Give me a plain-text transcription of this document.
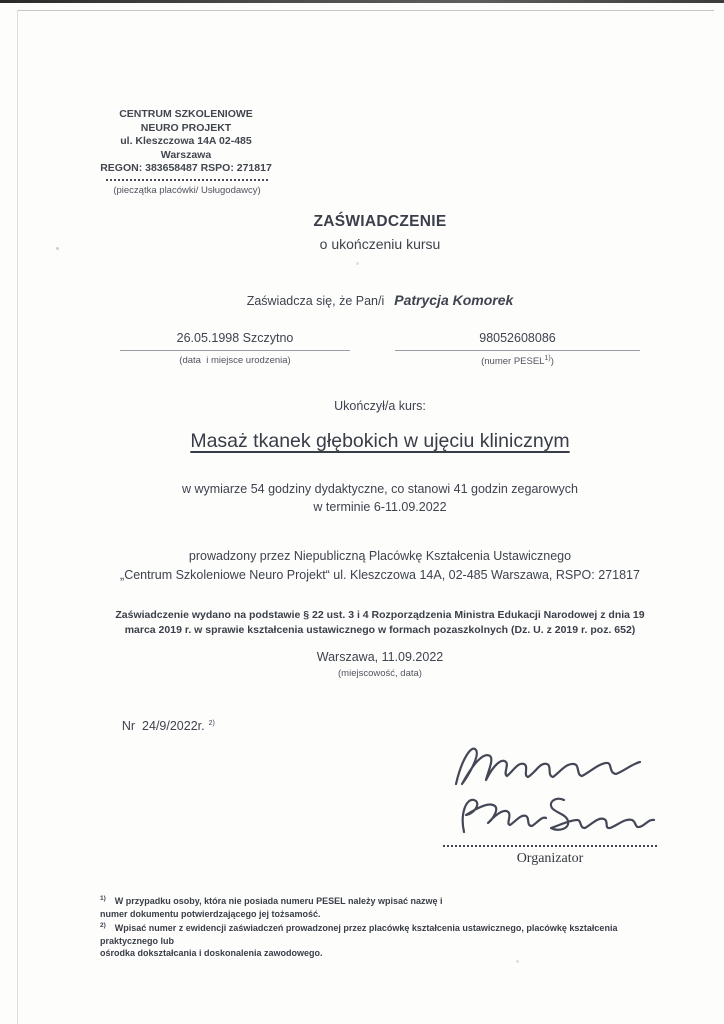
CENTRUM SZKOLENIOWE
NEURO PROJEKT
ul. Kleszczowa 14A 02-485 Warszawa
REGON: 383658487 RSPO: 271817
(pieczątka placówki/ Usługodawcy)
ZAŚWIADCZENIE
o ukończeniu kursu
Zaświadcza się, że Pan/i Patrycja Komorek
26.05.1998 Szczytno
(data  i miejsce urodzenia)
98052608086
(numer PESEL$^{1)}$)
Ukończył/a kurs:
Masaż tkanek głębokich w ujęciu klinicznym
w wymiarze 54 godziny dydaktyczne, co stanowi 41 godzin zegarowych
w terminie 6-11.09.2022
prowadzony przez Niepubliczną Placówkę Kształcenia Ustawicznego
„Centrum Szkoleniowe Neuro Projekt“ ul. Kleszczowa 14A, 02-485 Warszawa, RSPO: 271817
Zaświadczenie wydano na podstawie § 22 ust. 3 i 4 Rozporządzenia Ministra Edukacji Narodowej z dnia 19
marca 2019 r. w sprawie kształcenia ustawicznego w formach pozaszkolnych (Dz. U. z 2019 r. poz. 652)
Warszawa, 11.09.2022
(miejscowość, data)

Nr  24/9/2022r. $^{2)}$

Organizator
$^{1)}$ W przypadku osoby, która nie posiada numeru PESEL należy wpisać nazwę i
numer dokumentu potwierdzającego jej tożsamość.
$^{2)}$ Wpisać numer z ewidencji zaświadczeń prowadzonej przez placówkę kształcenia ustawicznego, placówkę kształcenia praktycznego lub
ośrodka dokształcania i doskonalenia zawodowego.
